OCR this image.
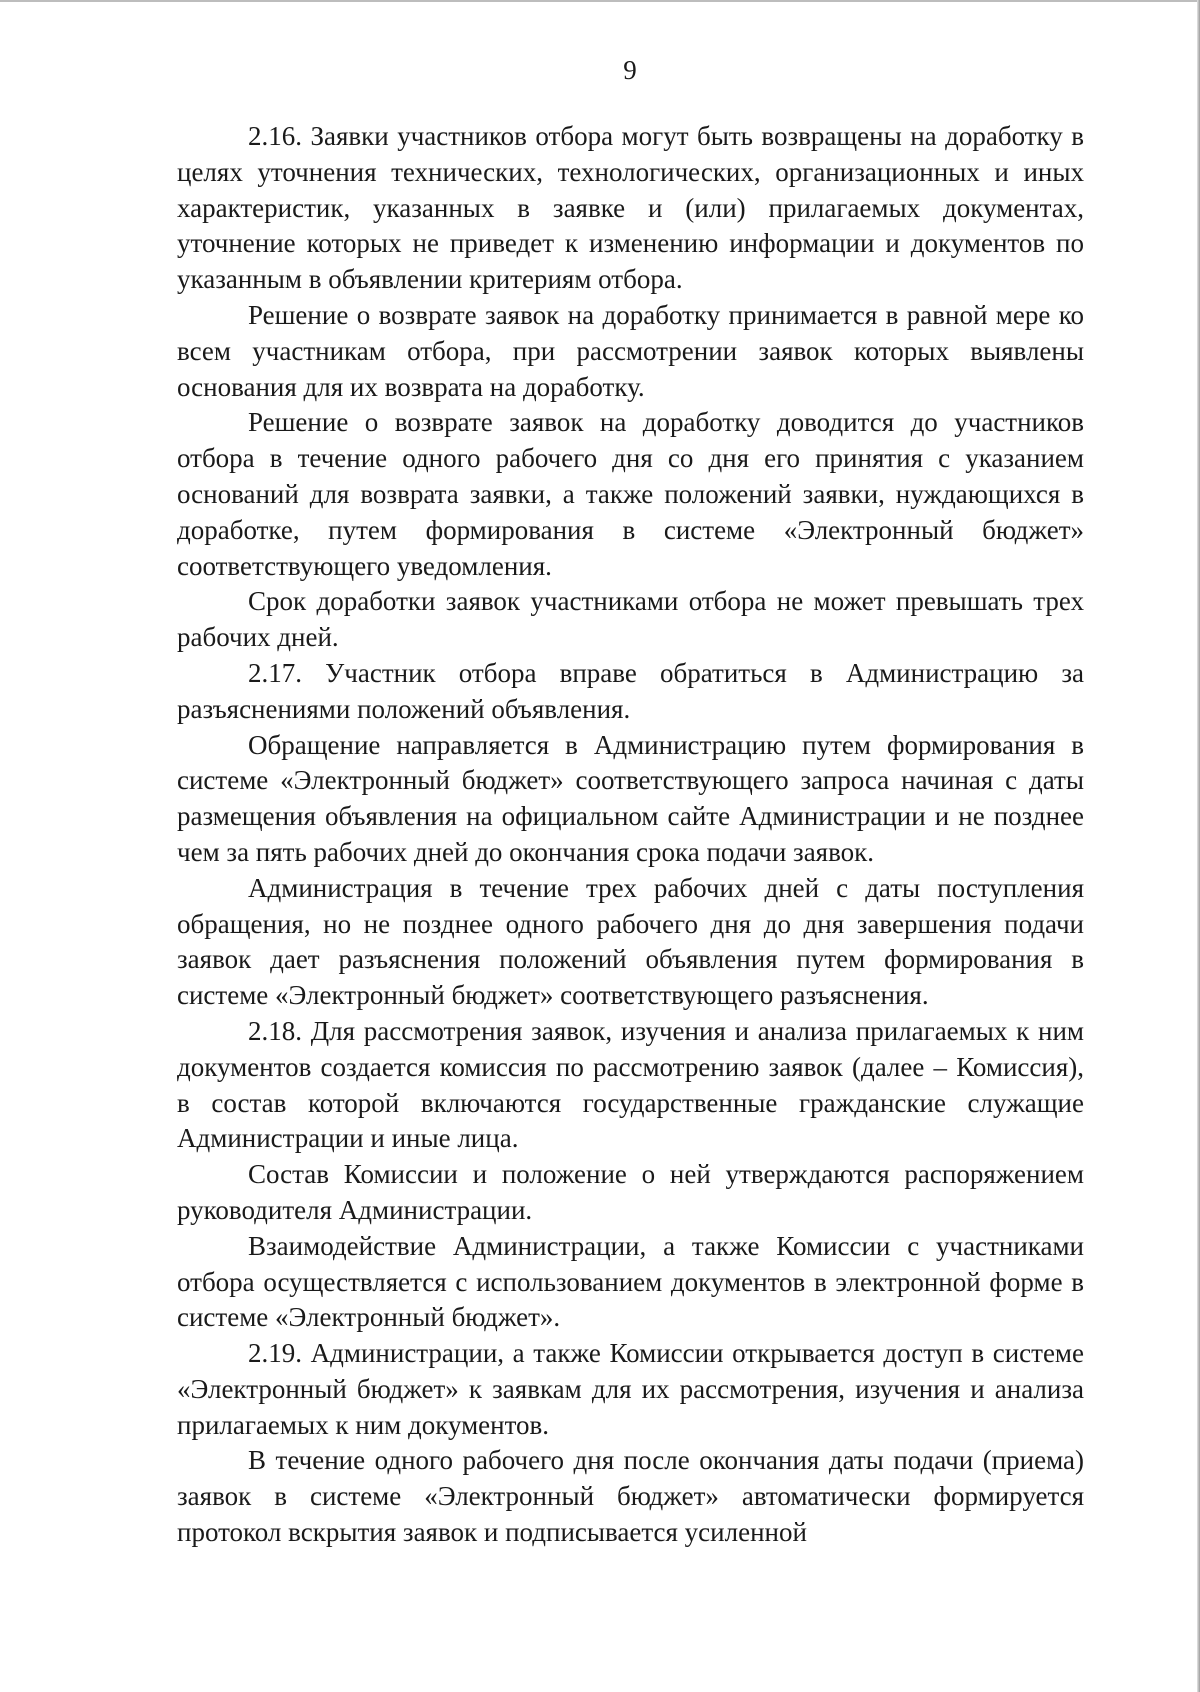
9

2.16. Заявки участников отбора могут быть возвращены на доработку в целях уточнения технических, технологических, организационных и иных характеристик, указанных в заявке и (или) прилагаемых документах, уточнение которых не приведет к изменению информации и документов по указанным в объявлении критериям отбора.

Решение о возврате заявок на доработку принимается в равной мере ко всем участникам отбора, при рассмотрении заявок которых выявлены основания для их возврата на доработку.

Решение о возврате заявок на доработку доводится до участников отбора в течение одного рабочего дня со дня его принятия с указанием оснований для возврата заявки, а также положений заявки, нуждающихся в доработке, путем формирования в системе «Электронный бюджет» соответствующего уведомления.

Срок доработки заявок участниками отбора не может превышать трех рабочих дней.

2.17. Участник отбора вправе обратиться в Администрацию за разъяснениями положений объявления.

Обращение направляется в Администрацию путем формирования в системе «Электронный бюджет» соответствующего запроса начиная с даты размещения объявления на официальном сайте Администрации и не позднее чем за пять рабочих дней до окончания срока подачи заявок.

Администрация в течение трех рабочих дней с даты поступления обращения, но не позднее одного рабочего дня до дня завершения подачи заявок дает разъяснения положений объявления путем формирования в системе «Электронный бюджет» соответствующего разъяснения.

2.18. Для рассмотрения заявок, изучения и анализа прилагаемых к ним документов создается комиссия по рассмотрению заявок (далее – Комиссия), в состав которой включаются государственные гражданские служащие Администрации и иные лица.

Состав Комиссии и положение о ней утверждаются распоряжением руководителя Администрации.

Взаимодействие Администрации, а также Комиссии с участниками отбора осуществляется с использованием документов в электронной форме в системе «Электронный бюджет».

2.19. Администрации, а также Комиссии открывается доступ в системе «Электронный бюджет» к заявкам для их рассмотрения, изучения и анализа прилагаемых к ним документов.

В течение одного рабочего дня после окончания даты подачи (приема) заявок в системе «Электронный бюджет» автоматически формируется протокол вскрытия заявок и подписывается усиленной
